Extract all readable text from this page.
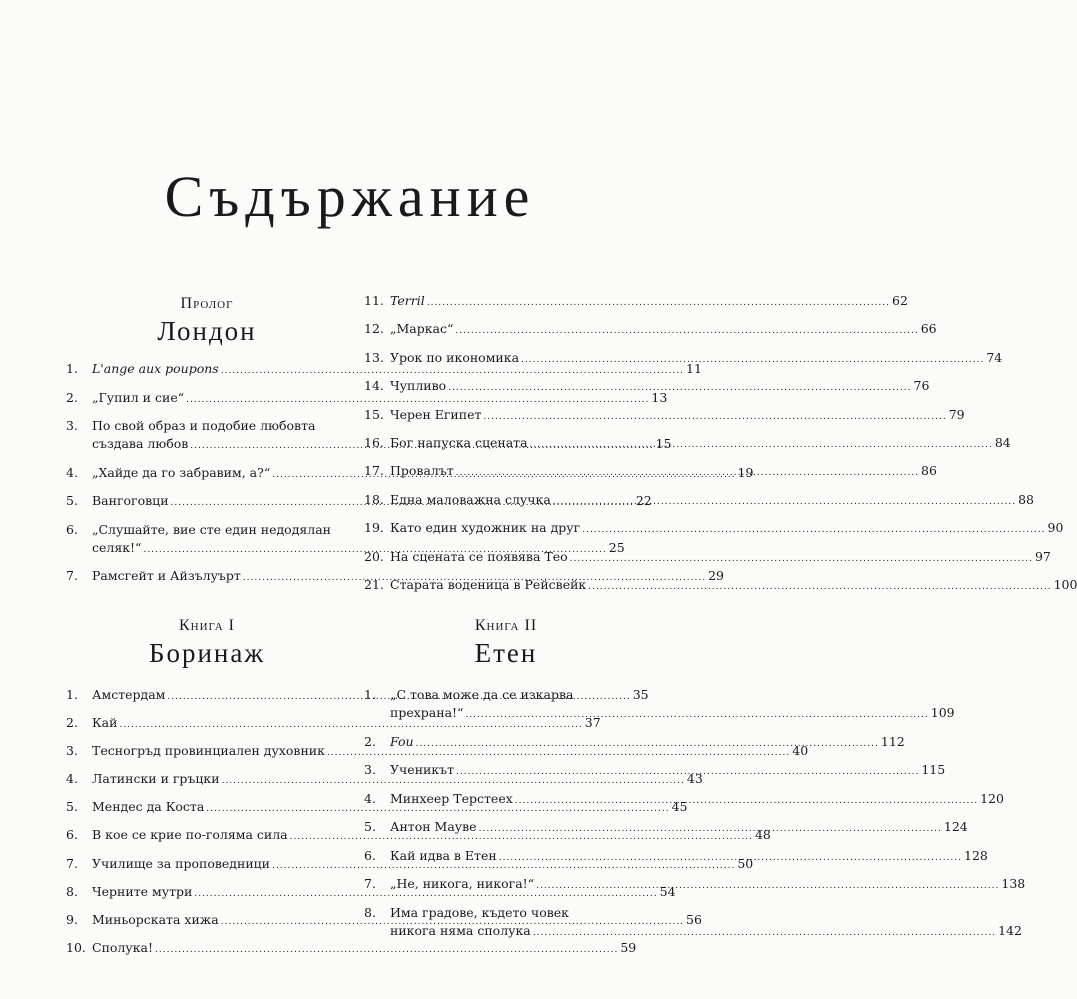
Съдържание
Пролог
Лондон
1.	L'ange aux poupons .....	11
2.	„Гупил и сие“ .....	13
3.	По свой образ и подобие любовта
създава любов .....	15
4.	„Хайде да го забравим, а?“ .....	19
5.	Вангоговци .....	22
6.	„Слушайте, вие сте един недодялан
селяк!“ .....	25
7.	Рамсгейт и Айзълуърт .....	29
11. Terril .....	62
12. „Маркас“ .....	66
13. Урок по икономика .....	74
14. Чупливо .....	76
15. Черен Египет .....	79
16. Бог напуска сцената .....	84
17. Провалът .....	86
18. Една маловажна случка .....	88
19. Като един художник на друг .....	90
20. На сцената се появява Тео .....	97
21. Старата воденица в Рейсвейк .....	100
Книга I
Боринаж
1.	Амстердам .....	35
2.	Кай .....	37
3.	Тесногръд провинциален духовник .....	40
4.	Латински и гръцки .....	43
5.	Мендес да Коста .....	45
6.	В кое се крие по-голяма сила .....	48
7.	Училище за проповедници .....	50
8.	Черните мутри .....	54
9.	Миньорската хижа .....	56
10. Сполука! .....	59
Книга II
Етен
1.	„С това може да се изкарва
прехрана!“ .....	109
2.	Fou .....	112
3.	Ученикът .....	115
4.	Минхеер Терстеех .....	120
5.	Антон Мауве .....	124
6.	Кай идва в Етен .....	128
7.	„Не, никога, никога!“ .....	138
8.	Има градове, където човек
никога няма сполука .....	142
